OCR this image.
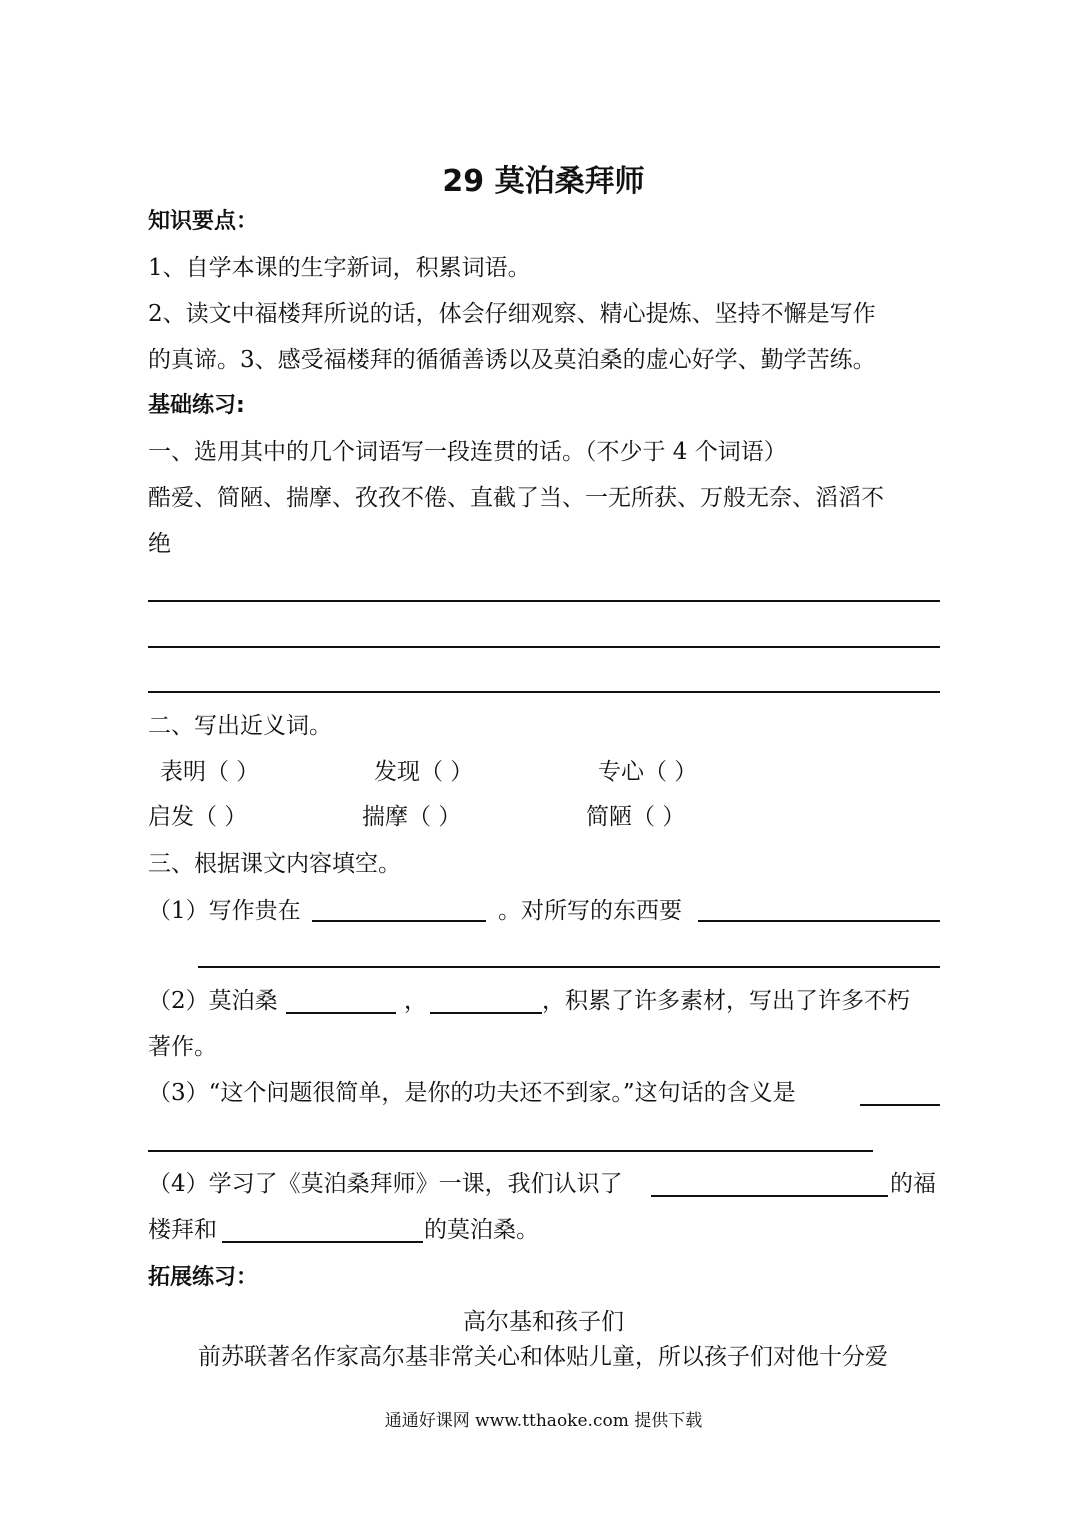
29 莫泊桑拜师
知识要点：
1、自学本课的生字新词，积累词语。
2、读文中福楼拜所说的话，体会仔细观察、精心提炼、坚持不懈是写作
的真谛。3、感受福楼拜的循循善诱以及莫泊桑的虚心好学、勤学苦练。
基础练习:
一、选用其中的几个词语写一段连贯的话。（不少于 4 个词语）
酷爱、简陋、揣摩、孜孜不倦、直截了当、一无所获、万般无奈、滔滔不
绝
二、写出近义词。
表明（ ）	发现（ ）	专心（ ）
启发（ ）	揣摩（ ）	简陋（ ）
三、根据课文内容填空。
（1）写作贵在	。对所写的东西要
（2）莫泊桑	，	，积累了许多素材，写出了许多不朽
著作。
（3）“这个问题很简单，是你的功夫还不到家。”这句话的含义是
（4）学习了《莫泊桑拜师》一课，我们认识了	的福
楼拜和	的莫泊桑。
拓展练习：
高尔基和孩子们
前苏联著名作家高尔基非常关心和体贴儿童，所以孩子们对他十分爱
通通好课网 www.tthaoke.com 提供下载
